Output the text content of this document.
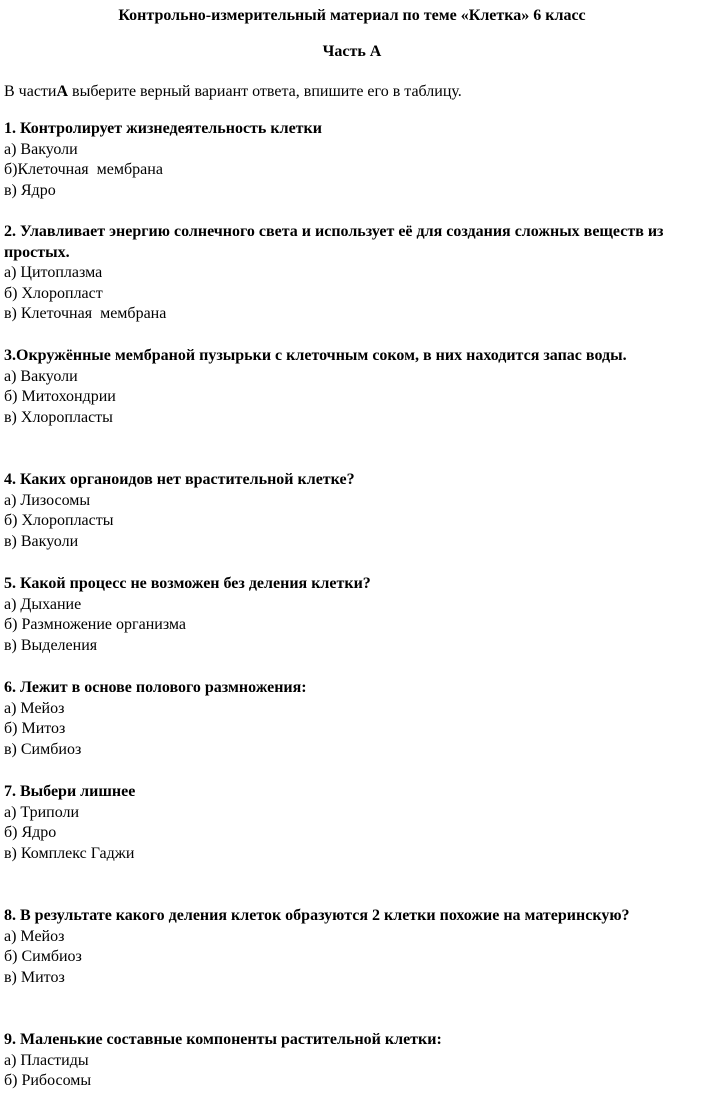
Контрольно-измерительный материал по теме «Клетка» 6 класс
Часть А
В частиА выберите верный вариант ответа, впишите его в таблицу.
1. Контролирует жизнедеятельность клетки
а) Вакуоли
б)Клеточная  мембрана
в) Ядро
2. Улавливает энергию солнечного света и использует её для создания сложных веществ из простых.
а) Цитоплазма
б) Хлоропласт
в) Клеточная  мембрана
3.Окружённые мембраной пузырьки с клеточным соком, в них находится запас воды.
а) Вакуоли
б) Митохондрии
в) Хлоропласты
4. Каких органоидов нет врастительной клетке?
а) Лизосомы
б) Хлоропласты
в) Вакуоли
5. Какой процесс не возможен без деления клетки?
а) Дыхание
б) Размножение организма
в) Выделения
6. Лежит в основе полового размножения:
а) Мейоз
б) Митоз
в) Симбиоз
7. Выбери лишнее
а) Триполи
б) Ядро
в) Комплекс Гаджи
8. В результате какого деления клеток образуются 2 клетки похожие на материнскую?
а) Мейоз
б) Симбиоз
в) Митоз
9. Маленькие составные компоненты растительной клетки:
а) Пластиды
б) Рибосомы
